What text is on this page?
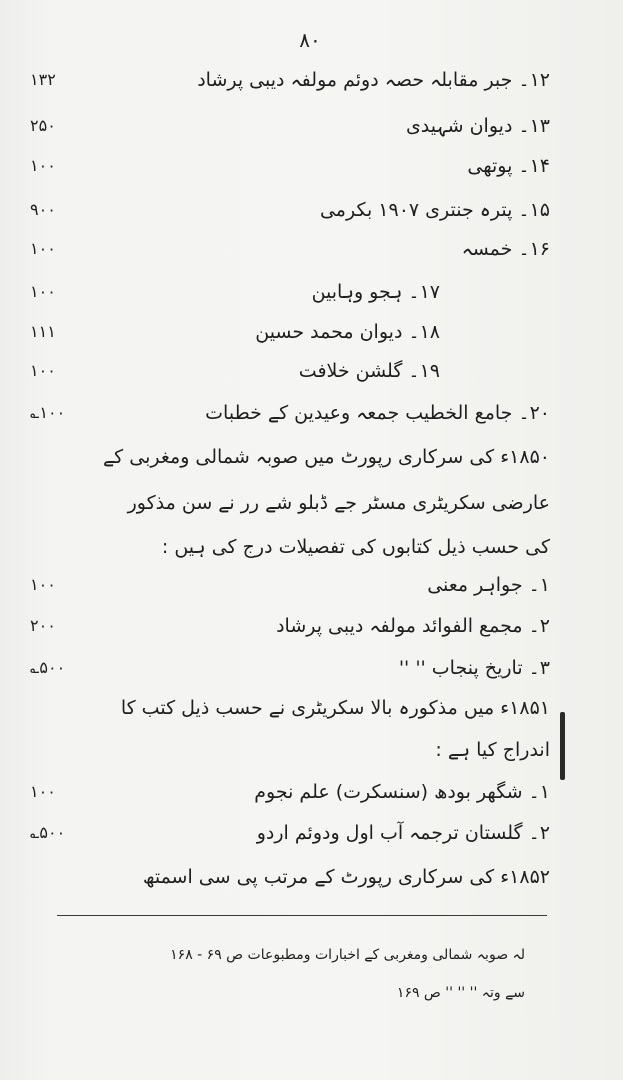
۸۰
۱۲۔ جبر مقابلہ حصہ دوئم مولفہ دیبی پرشاد
۱۳۲
۱۳۔ دیوان شہیدی
۲۵۰
۱۴۔ پوتھی
۱۰۰
۱۵۔ پترہ جنتری ۱۹۰۷ بکرمی
۹۰۰
۱۶۔ خمسہ
۱۰۰
۱۷۔ ہجو وہابین
۱۰۰
۱۸۔ دیوان محمد حسین
۱۱۱
۱۹۔ گلشن خلافت
۱۰۰
۲۰۔ جامع الخطیب جمعہ وعیدین کے خطبات
۱۰۰؎
۱۸۵۰ء کی سرکاری رپورٹ میں صوبہ شمالی ومغربی کے
عارضی سکریٹری مسٹر جے ڈبلو شے رر نے سن مذکور
کی حسب ذیل کتابوں کی تفصیلات درج کی ہیں :
۱۔ جواہر معنی
۱۰۰
۲۔ مجمع الفوائد مولفہ دیبی پرشاد
۲۰۰
۳۔ تاریخ پنجاب '' ''
۵۰۰؎
۱۸۵۱ء میں مذکورہ بالا سکریٹری نے حسب ذیل کتب کا
اندراج کیا ہے :
۱۔ شگھر بودھ (سنسکرت) علم نجوم
۱۰۰
۲۔ گلستان ترجمہ آب اول ودوئم اردو
۵۰۰؎
۱۸۵۲ء کی سرکاری رپورٹ کے مرتب پی سی اسمتھ
لہ صوبہ شمالی ومغربی کے اخبارات ومطبوعات ص ۶۹ - ۱۶۸
سے وتہ '' '' '' ص ۱۶۹
